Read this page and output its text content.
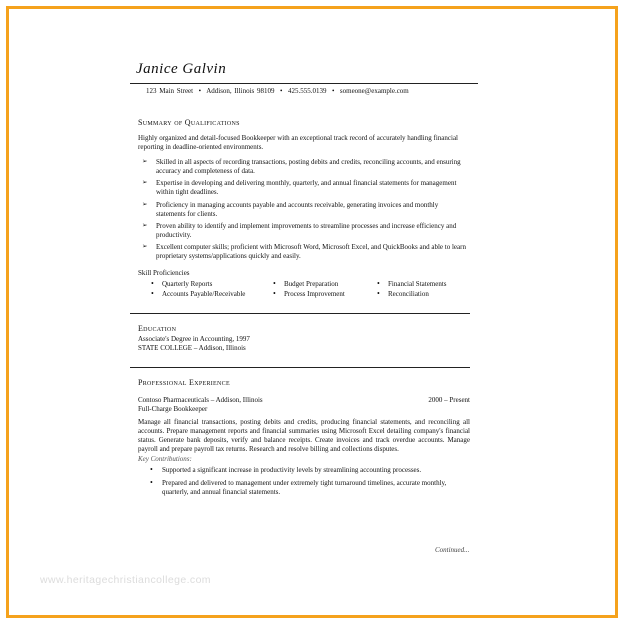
Janice Galvin
123 Main Street  •  Addison, Illinois 98109  •  425.555.0139  •  someone@example.com
Summary of Qualifications
Highly organized and detail-focused Bookkeeper with an exceptional track record of accurately handling financial reporting in deadline-oriented environments.
➢ Skilled in all aspects of recording transactions, posting debits and credits, reconciling accounts, and ensuring accuracy and completeness of data.
➢ Expertise in developing and delivering monthly, quarterly, and annual financial statements for management within tight deadlines.
➢ Proficiency in managing accounts payable and accounts receivable, generating invoices and monthly statements for clients.
➢ Proven ability to identify and implement improvements to streamline processes and increase efficiency and productivity.
➢ Excellent computer skills; proficient with Microsoft Word, Microsoft Excel, and QuickBooks and able to learn proprietary systems/applications quickly and easily.
Skill Proficiencies
• Quarterly Reports	• Budget Preparation	• Financial Statements
• Accounts Payable/Receivable	• Process Improvement	• Reconciliation
Education
Associate's Degree in Accounting, 1997
STATE COLLEGE – Addison, Illinois
Professional Experience
Contoso Pharmaceuticals – Addison, Illinois	2000 – Present
Full-Charge Bookkeeper
Manage all financial transactions, posting debits and credits, producing financial statements, and reconciling all accounts. Prepare management reports and financial summaries using Microsoft Excel detailing company's financial status. Generate bank deposits, verify and balance receipts. Create invoices and track overdue accounts. Manage payroll and prepare payroll tax returns. Research and resolve billing and collections disputes.
Key Contributions:
• Supported a significant increase in productivity levels by streamlining accounting processes.
• Prepared and delivered to management under extremely tight turnaround timelines, accurate monthly, quarterly, and annual financial statements.
Continued...
www.heritagechristiancollege.com
